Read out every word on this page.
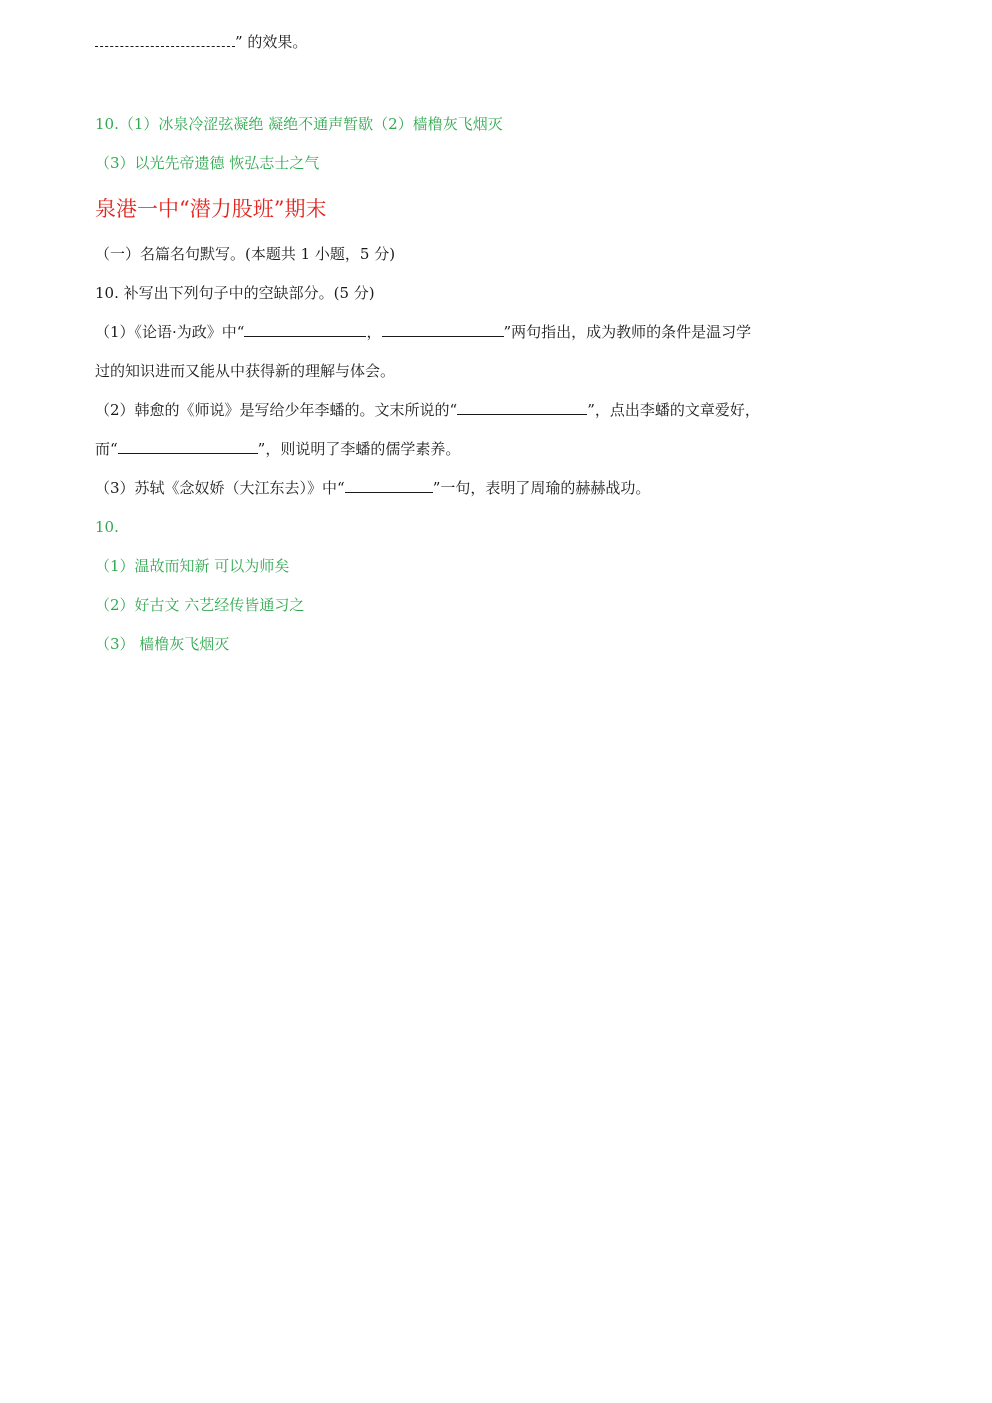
” 的效果。
10.（1）冰泉冷涩弦凝绝 凝绝不通声暂歇（2）樯橹灰飞烟灭
（3）以光先帝遗德 恢弘志士之气
泉港一中“潜力股班”期末
（一）名篇名句默写。(本题共 1 小题，5 分)
10. 补写出下列句子中的空缺部分。(5 分)
（1）《论语·为政》中“	，	”两句指出，成为教师的条件是温习学
过的知识进而又能从中获得新的理解与体会。
（2）韩愈的《师说》是写给少年李蟠的。文末所说的“	”，点出李蟠的文章爱好，
而“	”，则说明了李蟠的儒学素养。
（3）苏轼《念奴娇（大江东去）》中“	”一句，表明了周瑜的赫赫战功。
10.
（1）温故而知新 可以为师矣
（2）好古文 六艺经传皆通习之
（3） 樯橹灰飞烟灭
